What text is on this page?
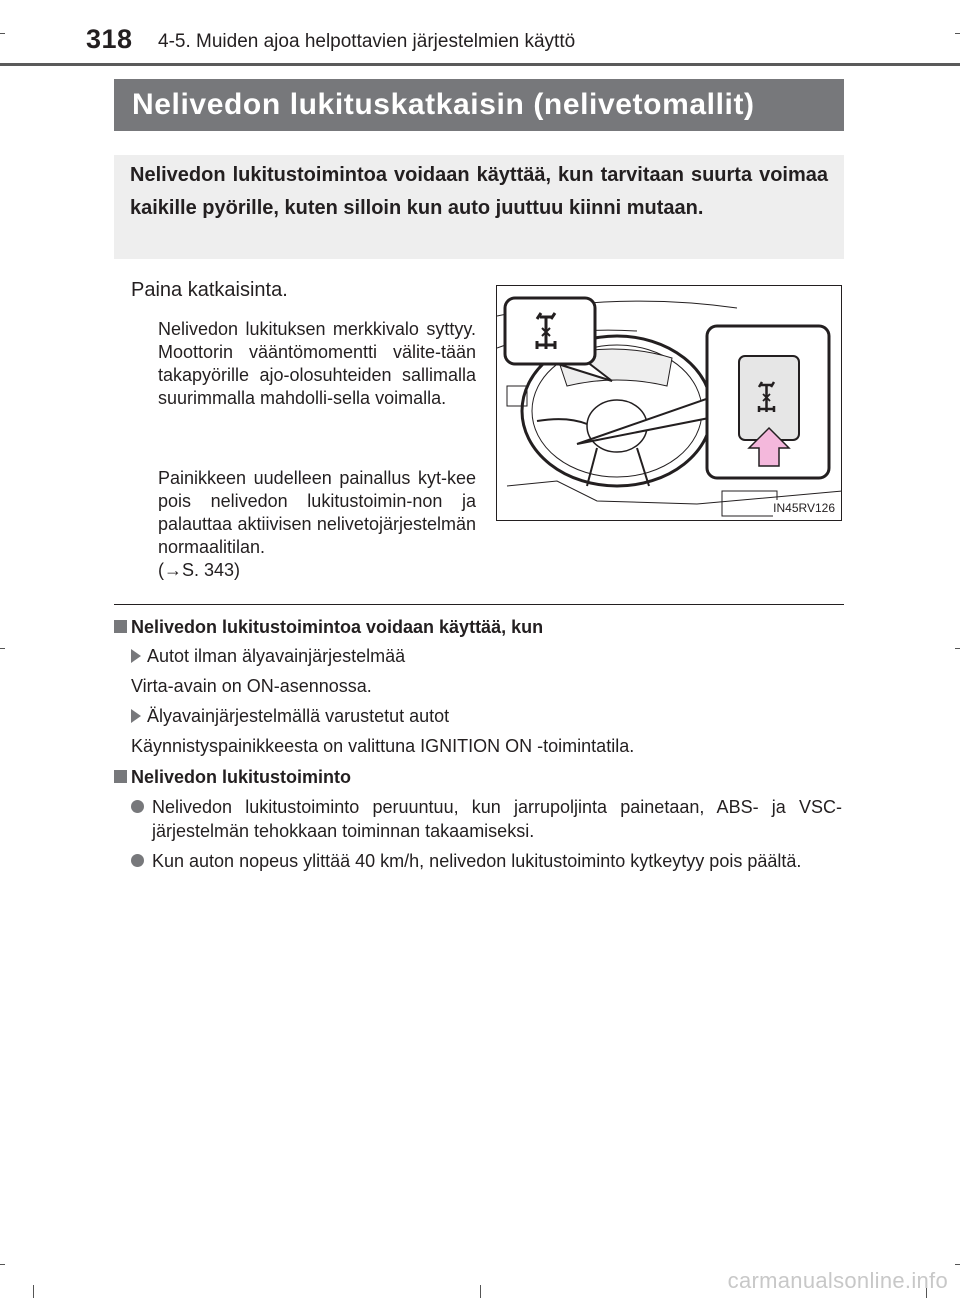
318 4-5. Muiden ajoa helpottavien järjestelmien käyttö
Nelivedon lukituskatkaisin (nelivetomallit)
Nelivedon lukitustoimintoa voidaan käyttää, kun tarvitaan suurta voimaa kaikille pyörille, kuten silloin kun auto juuttuu kiinni mutaan.
Paina katkaisinta.
Nelivedon lukituksen merkkivalo syttyy. Moottorin vääntömomentti välite-tään takapyörille ajo-olosuhteiden sallimalla suurimmalla mahdolli-sella voimalla.
Painikkeen uudelleen painallus kyt-kee pois nelivedon lukitustoimin-non ja palauttaa aktiivisen nelivetojärjestelmän normaalitilan.
(→S. 343)
IN45RV126
Nelivedon lukitustoimintoa voidaan käyttää, kun
Autot ilman älyavainjärjestelmää
Virta-avain on ON-asennossa.
Älyavainjärjestelmällä varustetut autot
Käynnistyspainikkeesta on valittuna IGNITION ON -toimintatila.
Nelivedon lukitustoiminto
Nelivedon lukitustoiminto peruuntuu, kun jarrupoljinta painetaan, ABS- ja VSC-järjestelmän tehokkaan toiminnan takaamiseksi.
Kun auton nopeus ylittää 40 km/h, nelivedon lukitustoiminto kytkeytyy pois päältä.
carmanualsonline.info
